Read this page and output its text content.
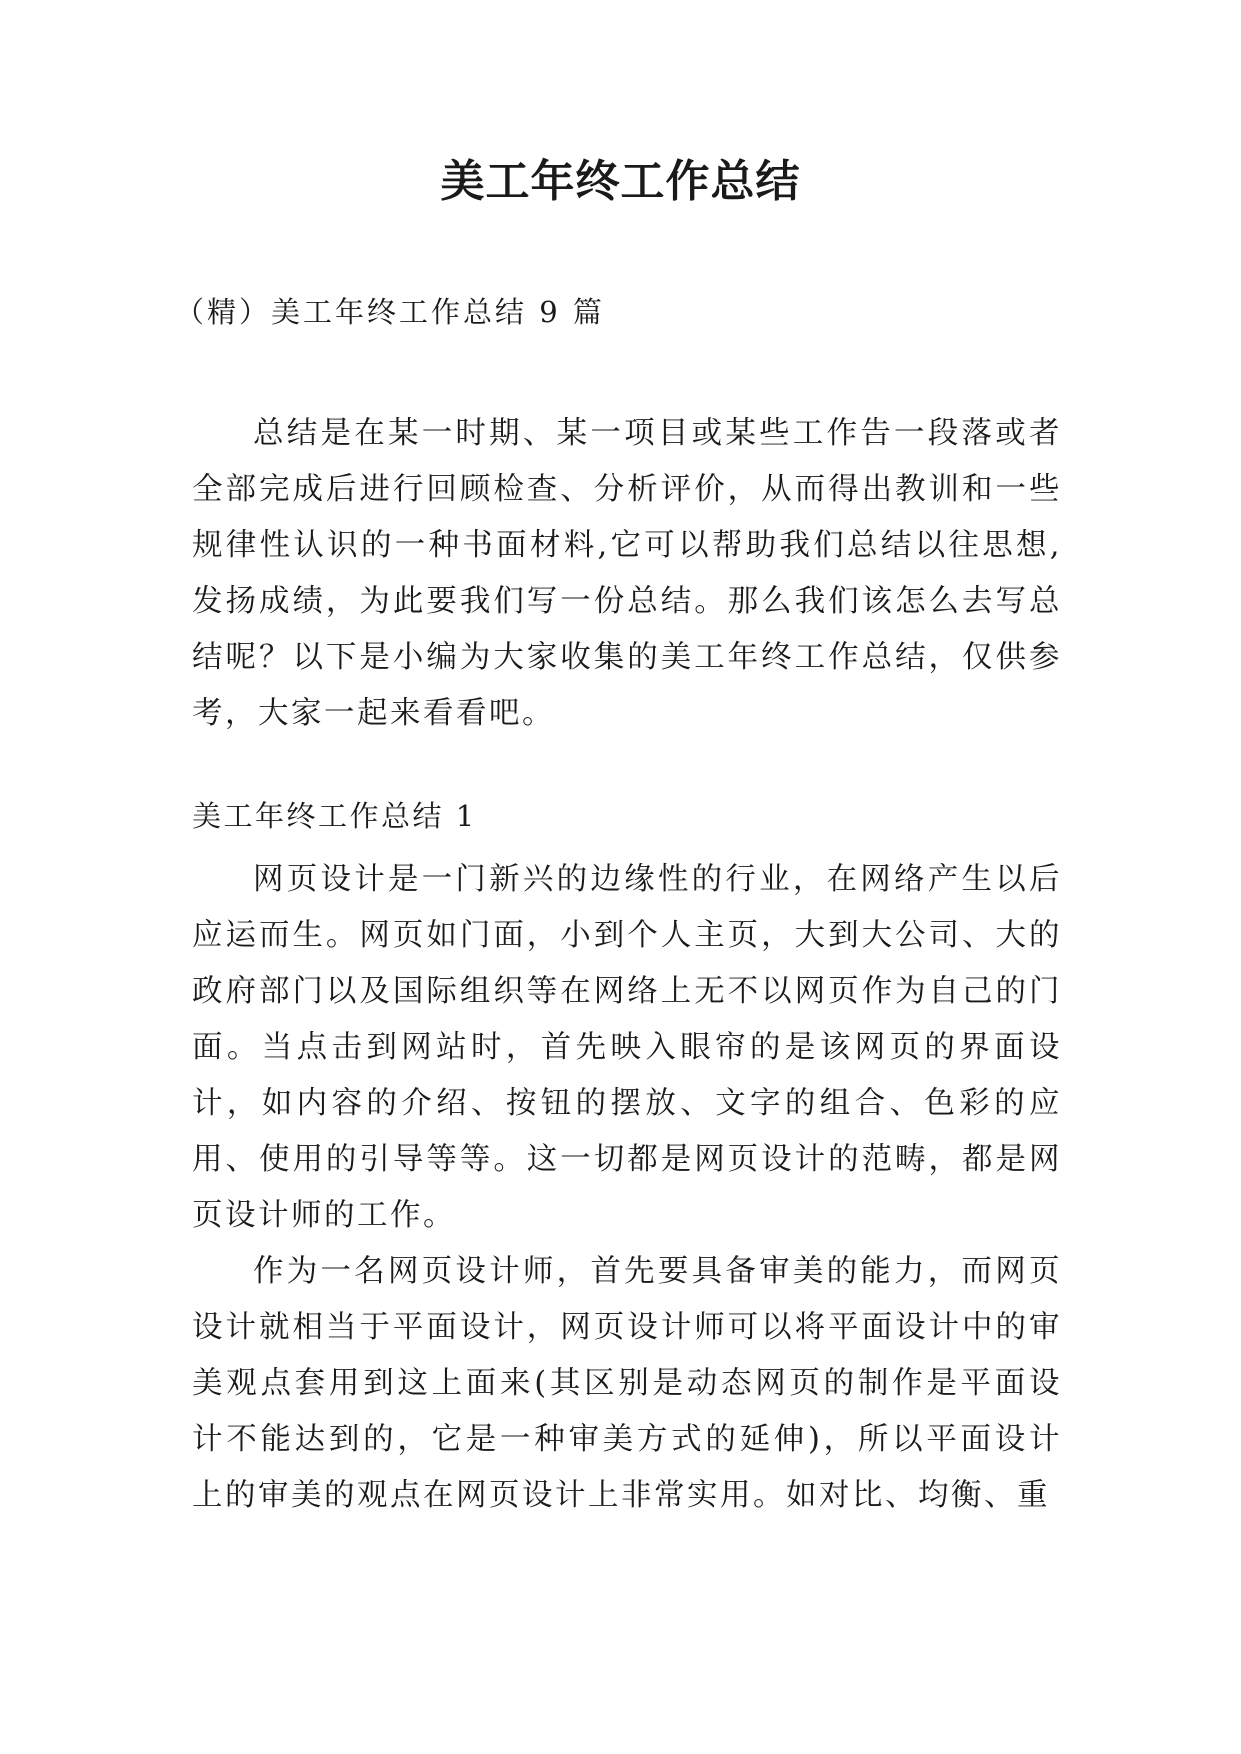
美工年终工作总结

（精）美工年终工作总结 9 篇

总结是在某一时期、某一项目或某些工作告一段落或者全部完成后进行回顾检查、分析评价，从而得出教训和一些规律性认识的一种书面材料,它可以帮助我们总结以往思想,发扬成绩，为此要我们写一份总结。那么我们该怎么去写总结呢？以下是小编为大家收集的美工年终工作总结，仅供参考，大家一起来看看吧。

美工年终工作总结 1

网页设计是一门新兴的边缘性的行业，在网络产生以后应运而生。网页如门面，小到个人主页，大到大公司、大的政府部门以及国际组织等在网络上无不以网页作为自己的门面。当点击到网站时，首先映入眼帘的是该网页的界面设计，如内容的介绍、按钮的摆放、文字的组合、色彩的应用、使用的引导等等。这一切都是网页设计的范畴，都是网页设计师的工作。

作为一名网页设计师，首先要具备审美的能力，而网页设计就相当于平面设计，网页设计师可以将平面设计中的审美观点套用到这上面来(其区别是动态网页的制作是平面设计不能达到的，它是一种审美方式的延伸)，所以平面设计上的审美的观点在网页设计上非常实用。如对比、均衡、重
